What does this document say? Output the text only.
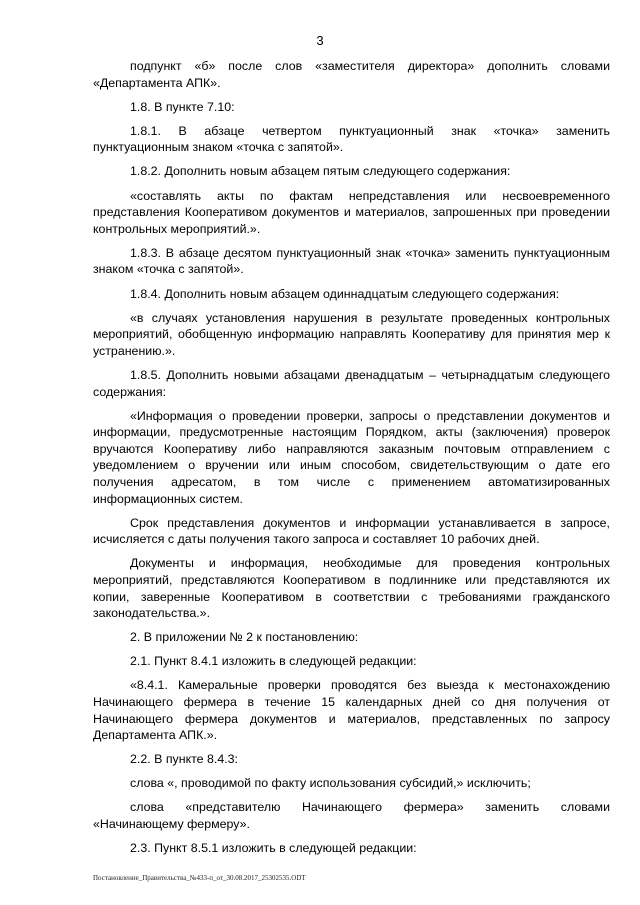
3

подпункт «б» после слов «заместителя директора» дополнить словами «Департамента АПК».

1.8. В пункте 7.10:

1.8.1. В абзаце четвертом пунктуационный знак «точка» заменить пунктуационным знаком «точка с запятой».

1.8.2. Дополнить новым абзацем пятым следующего содержания:

«составлять акты по фактам непредставления или несвоевременного представления Кооперативом документов и материалов, запрошенных при проведении контрольных мероприятий.».

1.8.3. В абзаце десятом пунктуационный знак «точка» заменить пунктуационным знаком «точка с запятой».

1.8.4. Дополнить новым абзацем одиннадцатым следующего содержания:

«в случаях установления нарушения в результате проведенных контрольных мероприятий, обобщенную информацию направлять Кооперативу для принятия мер к устранению.».

1.8.5. Дополнить новыми абзацами двенадцатым – четырнадцатым следующего содержания:

«Информация о проведении проверки, запросы о представлении документов и информации, предусмотренные настоящим Порядком, акты (заключения) проверок вручаются Кооперативу либо направляются заказным почтовым отправлением с уведомлением о вручении или иным способом, свидетельствующим о дате его получения адресатом, в том числе с применением автоматизированных информационных систем.

Срок представления документов и информации устанавливается в запросе, исчисляется с даты получения такого запроса и составляет 10 рабочих дней.

Документы и информация, необходимые для проведения контрольных мероприятий, представляются Кооперативом в подлиннике или представляются их копии, заверенные Кооперативом в соответствии с требованиями гражданского законодательства.».

2. В приложении № 2 к постановлению:

2.1. Пункт 8.4.1 изложить в следующей редакции:

«8.4.1. Камеральные проверки проводятся без выезда к местонахождению Начинающего фермера в течение 15 календарных дней со дня получения от Начинающего фермера документов и материалов, представленных по запросу Департамента АПК.».

2.2. В пункте 8.4.3:

слова «, проводимой по факту использования субсидий,» исключить;

слова «представителю Начинающего фермера» заменить словами «Начинающему фермеру».

2.3. Пункт 8.5.1 изложить в следующей редакции:

Постановление_Правительства_№433-п_от_30.08.2017_25302535.ODT
